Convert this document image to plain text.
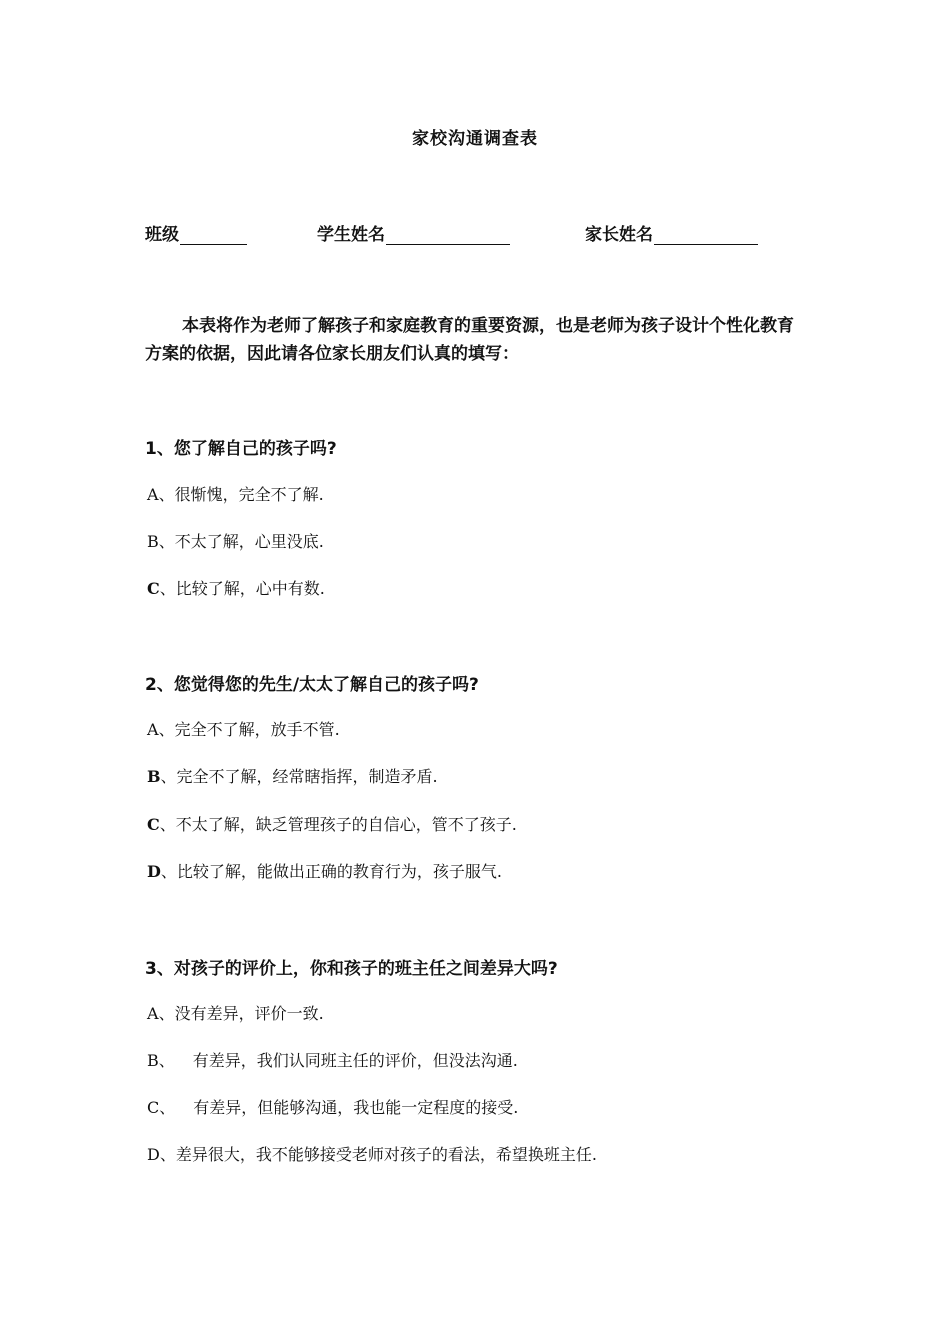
家校沟通调查表
班级	学生姓名	家长姓名
本表将作为老师了解孩子和家庭教育的重要资源，也是老师为孩子设计个性化教育方案的依据，因此请各位家长朋友们认真的填写：
1、您了解自己的孩子吗?
A、很惭愧，完全不了解.
B、不太了解，心里没底.
C、比较了解，心中有数.
2、您觉得您的先生/太太了解自己的孩子吗?
A、完全不了解，放手不管.
B、完全不了解，经常瞎指挥，制造矛盾.
C、不太了解，缺乏管理孩子的自信心，管不了孩子.
D、比较了解，能做出正确的教育行为，孩子服气.
3、对孩子的评价上，你和孩子的班主任之间差异大吗?
A、没有差异，评价一致.
B、 有差异，我们认同班主任的评价，但没法沟通.
C、 有差异，但能够沟通，我也能一定程度的接受.
D、差异很大，我不能够接受老师对孩子的看法，希望换班主任.
